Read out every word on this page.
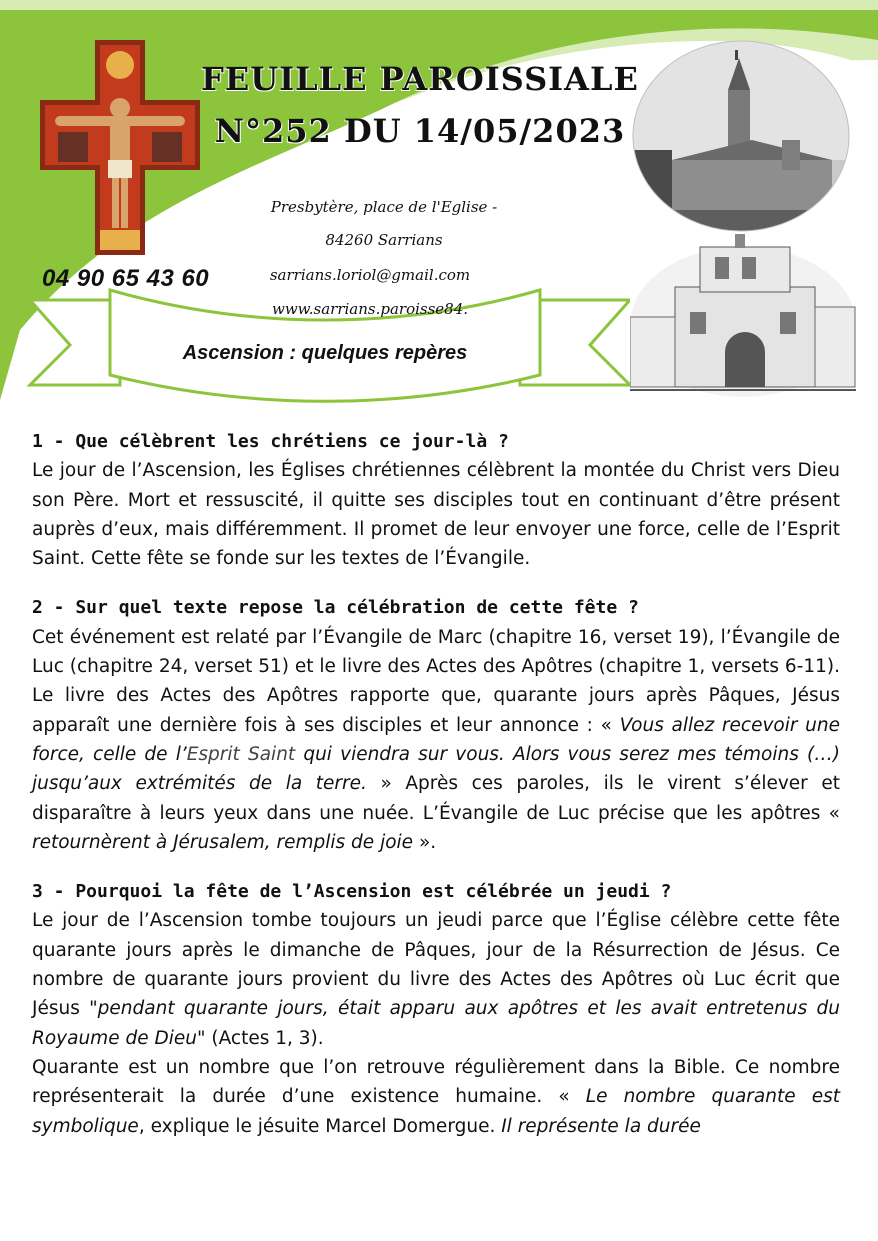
FEUILLE PAROISSIALE
N°252 DU 14/05/2023
Presbytère, place de l'Eglise -
84260 Sarrians
sarrians.loriol@gmail.com
www.sarrians.paroisse84.
04 90 65 43 60
Ascension : quelques repères

1 - Que célèbrent les chrétiens ce jour-là ?

Le jour de l’Ascension, les Églises chrétiennes célèbrent la montée du Christ vers Dieu son Père. Mort et ressuscité, il quitte ses disciples tout en continuant d’être présent auprès d’eux, mais différemment. Il promet de leur envoyer une force, celle de l’Esprit Saint. Cette fête se fonde sur les textes de l’Évangile.

2 - Sur quel texte repose la célébration de cette fête ?

Cet événement est relaté par l’Évangile de Marc (chapitre 16, verset 19), l’Évangile de Luc (chapitre 24, verset 51) et le livre des Actes des Apôtres (chapitre 1, versets 6-11). Le livre des Actes des Apôtres rapporte que, quarante jours après Pâques, Jésus apparaît une dernière fois à ses disciples et leur annonce : « Vous allez recevoir une force, celle de l’Esprit Saint qui viendra sur vous. Alors vous serez mes témoins (…) jusqu’aux extrémités de la terre. » Après ces paroles, ils le virent s’élever et disparaître à leurs yeux dans une nuée. L’Évangile de Luc précise que les apôtres « retournèrent à Jérusalem, remplis de joie ».

3 - Pourquoi la fête de l’Ascension est célébrée un jeudi ?

Le jour de l’Ascension tombe toujours un jeudi parce que l’Église célèbre cette fête quarante jours après le dimanche de Pâques, jour de la Résurrection de Jésus. Ce nombre de quarante jours provient du livre des Actes des Apôtres où Luc écrit que Jésus "pendant quarante jours, était apparu aux apôtres et les avait entretenus du Royaume de Dieu" (Actes 1, 3).

Quarante est un nombre que l’on retrouve régulièrement dans la Bible. Ce nombre représenterait la durée d’une existence humaine. « Le nombre quarante est symbolique, explique le jésuite Marcel Domergue. Il représente la durée
